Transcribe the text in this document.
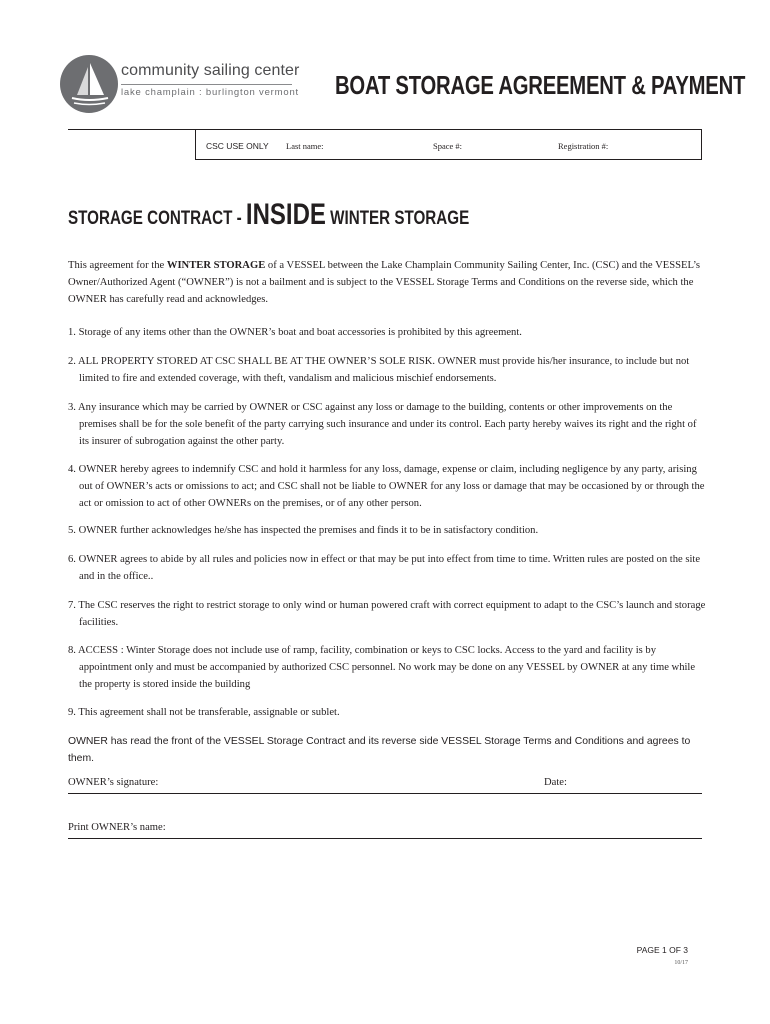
community sailing center
lake champlain : burlington vermont BOAT STORAGE AGREEMENT & PAYMENT
CSC USE ONLY Last name:	Space #:	Registration #:
STORAGE CONTRACT - INSIDE WINTER STORAGE

This agreement for the WINTER STORAGE of a VESSEL between the Lake Champlain Community Sailing Center, Inc. (CSC) and the VESSEL’s Owner/Authorized Agent (“OWNER”) is not a bailment and is subject to the VESSEL Storage Terms and Conditions on the reverse side, which the OWNER has carefully read and acknowledges.

1. Storage of any items other than the OWNER’s boat and boat accessories is prohibited by this agreement.

2. ALL PROPERTY STORED AT CSC SHALL BE AT THE OWNER’S SOLE RISK. OWNER must provide his/her insurance, to include but not limited to fire and extended coverage, with theft, vandalism and malicious mischief endorsements.

3. Any insurance which may be carried by OWNER or CSC against any loss or damage to the building, contents or other improvements on the premises shall be for the sole benefit of the party carrying such insurance and under its control. Each party hereby waives its right and the right of its insurer of subrogation against the other party.

4. OWNER hereby agrees to indemnify CSC and hold it harmless for any loss, damage, expense or claim, including negligence by any party, arising out of OWNER’s acts or omissions to act; and CSC shall not be liable to OWNER for any loss or damage that may be occasioned by or through the act or omission to act of other OWNERs on the premises, or of any other person.

5. OWNER further acknowledges he/she has inspected the premises and finds it to be in satisfactory condition.

6. OWNER agrees to abide by all rules and policies now in effect or that may be put into effect from time to time. Written rules are posted on the site and in the office..

7. The CSC reserves the right to restrict storage to only wind or human powered craft with correct equipment to adapt to the CSC’s launch and storage facilities.

8. ACCESS : Winter Storage does not include use of ramp, facility, combination or keys to CSC locks. Access to the yard and facility is by appointment only and must be accompanied by authorized CSC personnel. No work may be done on any VESSEL by OWNER at any time while the property is stored inside the building

9. This agreement shall not be transferable, assignable or sublet.

OWNER has read the front of the VESSEL Storage Contract and its reverse side VESSEL Storage Terms and Conditions and agrees to them.

OWNER’s signature:	Date:
Print OWNER’s name:
PAGE 1 OF 3
10/17
